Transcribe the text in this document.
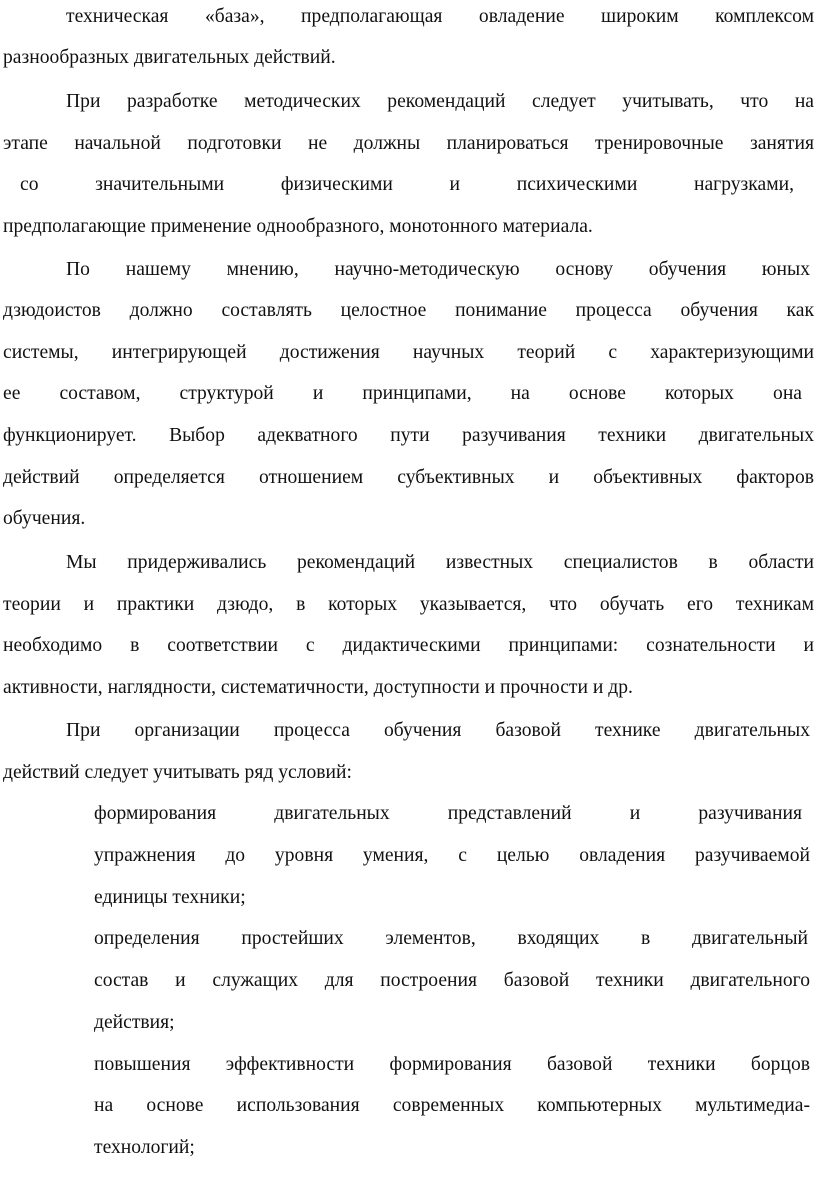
техническая «база», предполагающая овладение широким комплексом
разнообразных двигательных действий.
При разработке методических рекомендаций следует учитывать, что на
этапе начальной подготовки не должны планироваться тренировочные занятия
со значительными физическими и психическими нагрузками,
предполагающие применение однообразного, монотонного материала.
По нашему мнению, научно-методическую основу обучения юных
дзюдоистов должно составлять целостное понимание процесса обучения как
системы, интегрирующей достижения научных теорий с характеризующими
ее составом, структурой и принципами, на основе которых она
функционирует. Выбор адекватного пути разучивания техники двигательных
действий определяется отношением субъективных и объективных факторов
обучения.
Мы придерживались рекомендаций известных специалистов в области
теории и практики дзюдо, в которых указывается, что обучать его техникам
необходимо в соответствии с дидактическими принципами: сознательности и
активности, наглядности, систематичности, доступности и прочности и др.
При организации процесса обучения базовой технике двигательных
действий следует учитывать ряд условий:
формирования двигательных представлений и разучивания
упражнения до уровня умения, с целью овладения разучиваемой
единицы техники;
определения простейших элементов, входящих в двигательный
состав и служащих для построения базовой техники двигательного
действия;
повышения эффективности формирования базовой техники борцов
на основе использования современных компьютерных мультимедиа-
технологий;
